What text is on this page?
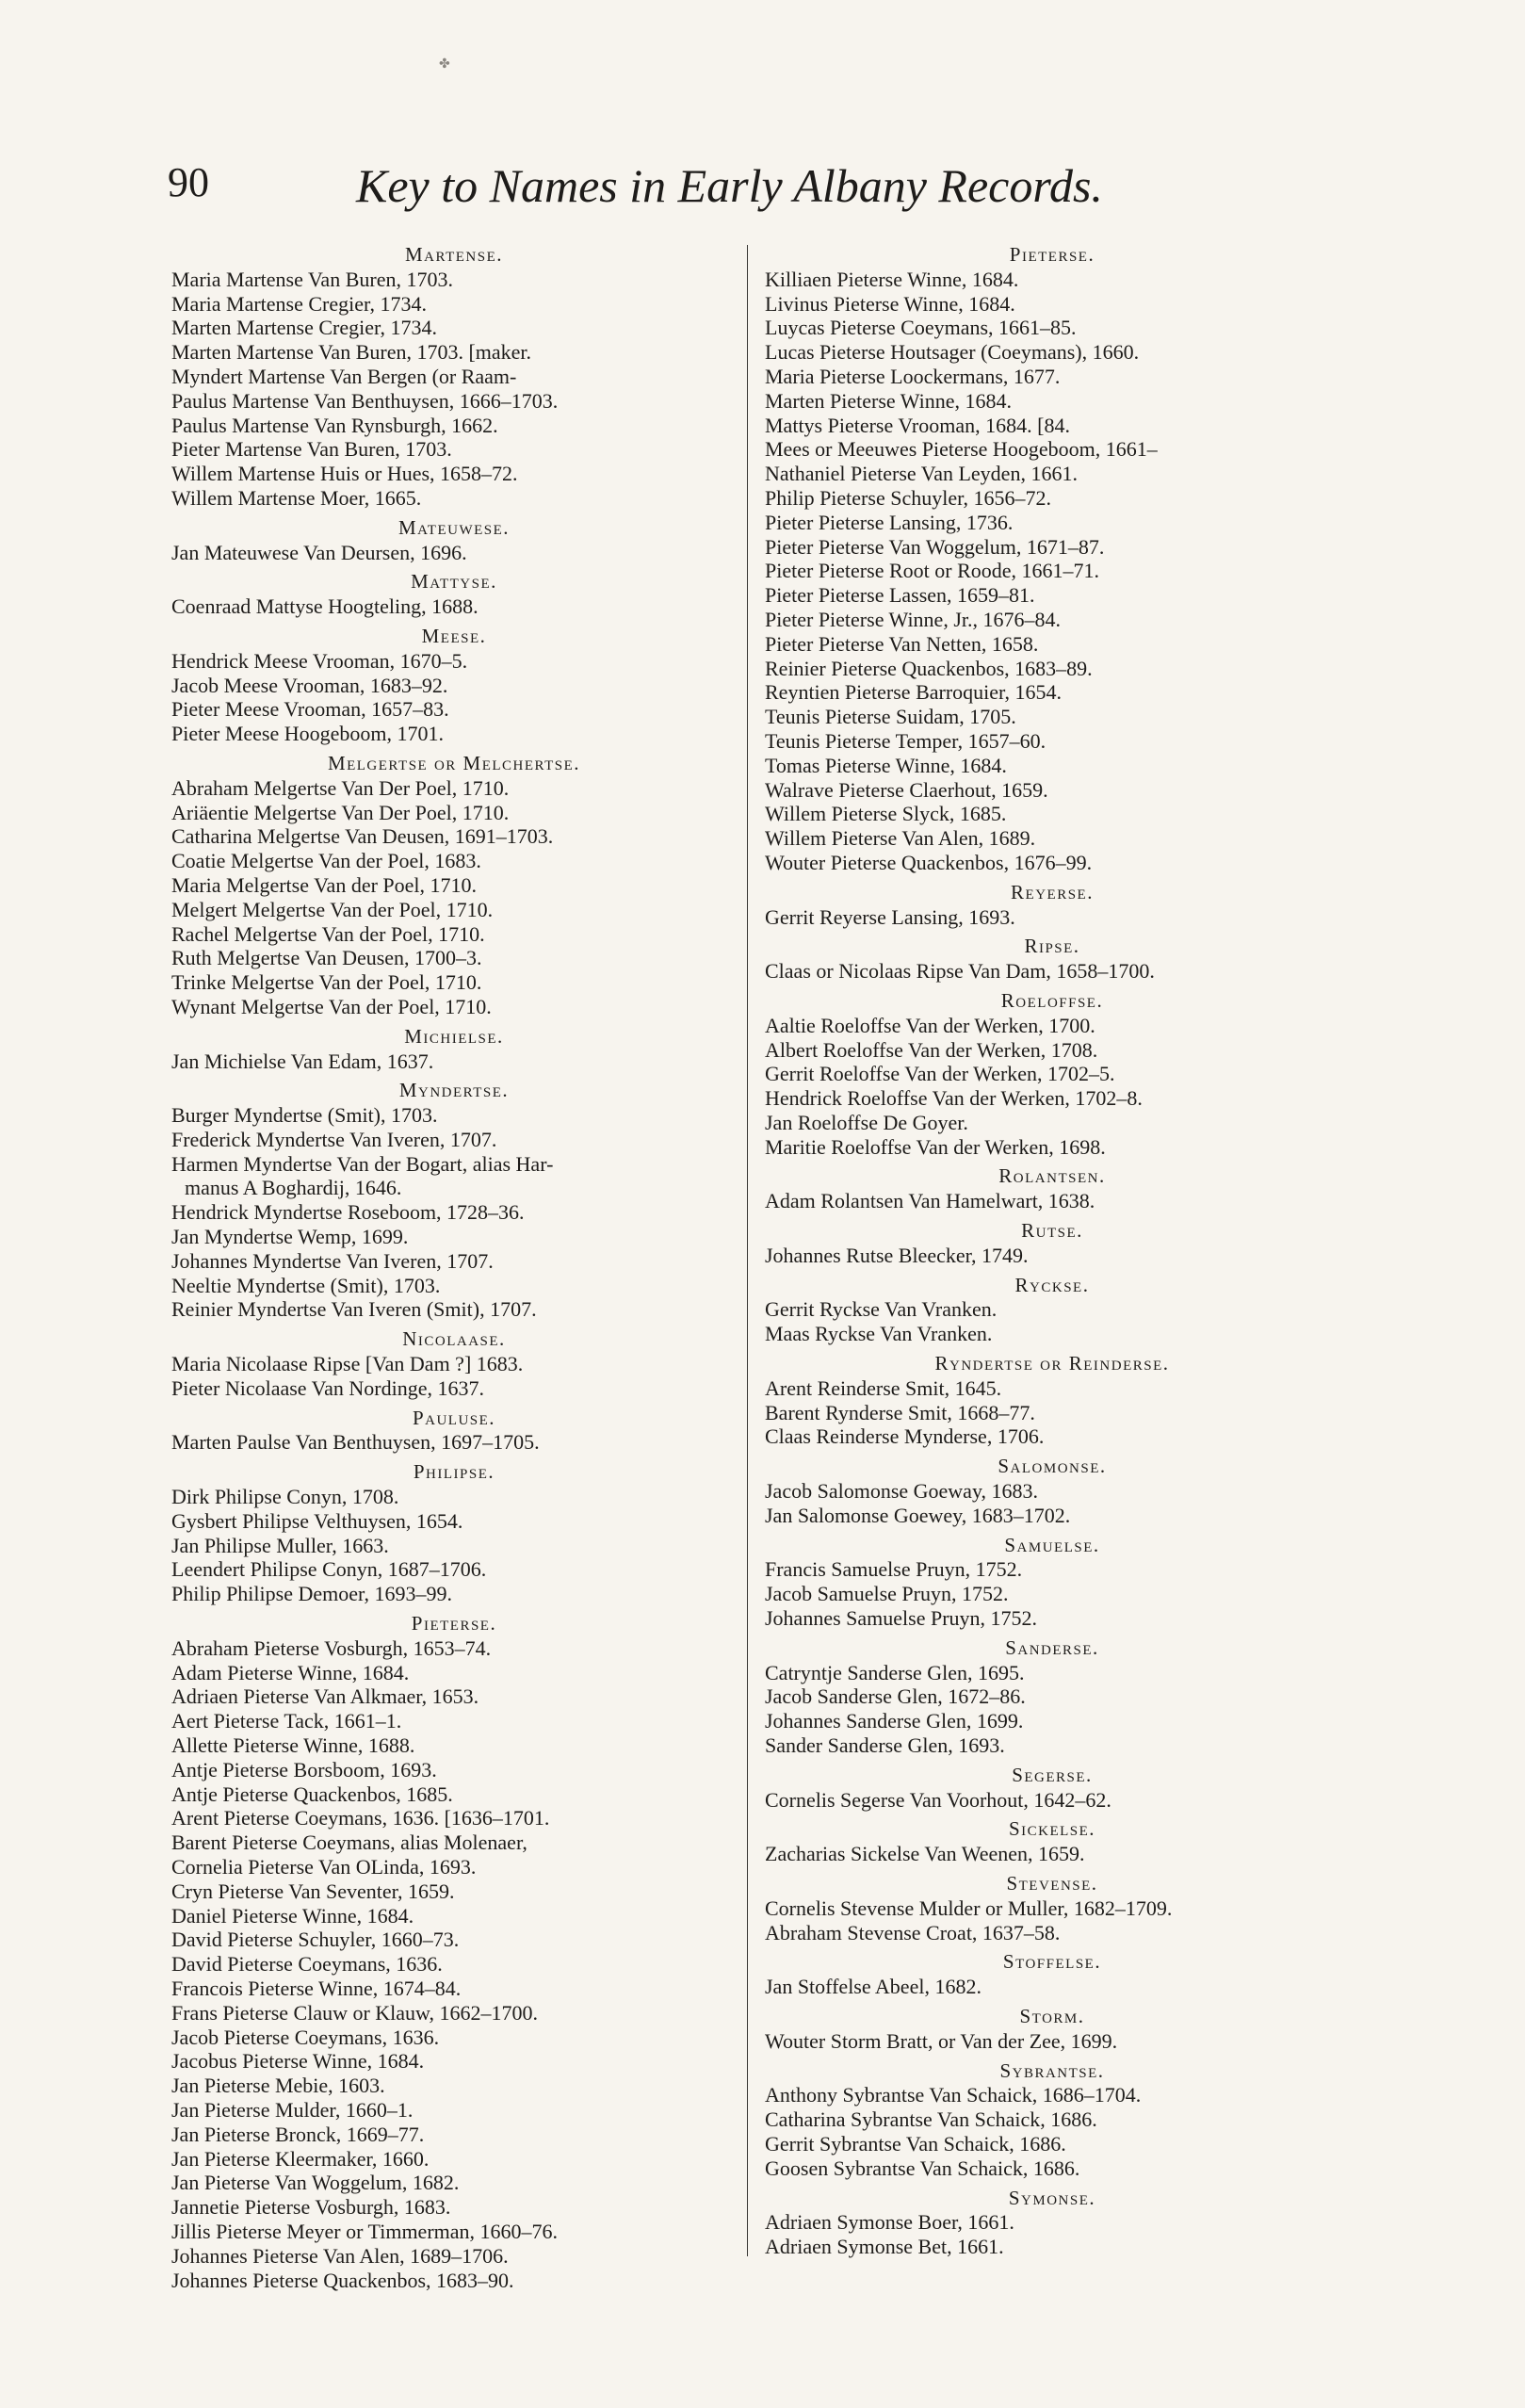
✤
90	Key to Names in Early Albany Records.
Martense.
Maria Martense Van Buren, 1703.
Maria Martense Cregier, 1734.
Marten Martense Cregier, 1734.
Marten Martense Van Buren, 1703. [maker.
Myndert Martense Van Bergen (or Raam-
Paulus Martense Van Benthuysen, 1666–1703.
Paulus Martense Van Rynsburgh, 1662.
Pieter Martense Van Buren, 1703.
Willem Martense Huis or Hues, 1658–72.
Willem Martense Moer, 1665.
Mateuwese.
Jan Mateuwese Van Deursen, 1696.
Mattyse.
Coenraad Mattyse Hoogteling, 1688.
Meese.
Hendrick Meese Vrooman, 1670–5.
Jacob Meese Vrooman, 1683–92.
Pieter Meese Vrooman, 1657–83.
Pieter Meese Hoogeboom, 1701.
Melgertse or Melchertse.
Abraham Melgertse Van Der Poel, 1710.
Ariäentie Melgertse Van Der Poel, 1710.
Catharina Melgertse Van Deusen, 1691–1703.
Coatie Melgertse Van der Poel, 1683.
Maria Melgertse Van der Poel, 1710.
Melgert Melgertse Van der Poel, 1710.
Rachel Melgertse Van der Poel, 1710.
Ruth Melgertse Van Deusen, 1700–3.
Trinke Melgertse Van der Poel, 1710.
Wynant Melgertse Van der Poel, 1710.
Michielse.
Jan Michielse Van Edam, 1637.
Myndertse.
Burger Myndertse (Smit), 1703.
Frederick Myndertse Van Iveren, 1707.
Harmen Myndertse Van der Bogart, alias Har-
manus A Boghardij, 1646.
Hendrick Myndertse Roseboom, 1728–36.
Jan Myndertse Wemp, 1699.
Johannes Myndertse Van Iveren, 1707.
Neeltie Myndertse (Smit), 1703.
Reinier Myndertse Van Iveren (Smit), 1707.
Nicolaase.
Maria Nicolaase Ripse [Van Dam ?] 1683.
Pieter Nicolaase Van Nordinge, 1637.
Pauluse.
Marten Paulse Van Benthuysen, 1697–1705.
Philipse.
Dirk Philipse Conyn, 1708.
Gysbert Philipse Velthuysen, 1654.
Jan Philipse Muller, 1663.
Leendert Philipse Conyn, 1687–1706.
Philip Philipse Demoer, 1693–99.
Pieterse.
Abraham Pieterse Vosburgh, 1653–74.
Adam Pieterse Winne, 1684.
Adriaen Pieterse Van Alkmaer, 1653.
Aert Pieterse Tack, 1661–1.
Allette Pieterse Winne, 1688.
Antje Pieterse Borsboom, 1693.
Antje Pieterse Quackenbos, 1685.
Arent Pieterse Coeymans, 1636. [1636–1701.
Barent Pieterse Coeymans, alias Molenaer,
Cornelia Pieterse Van OLinda, 1693.
Cryn Pieterse Van Seventer, 1659.
Daniel Pieterse Winne, 1684.
David Pieterse Schuyler, 1660–73.
David Pieterse Coeymans, 1636.
Francois Pieterse Winne, 1674–84.
Frans Pieterse Clauw or Klauw, 1662–1700.
Jacob Pieterse Coeymans, 1636.
Jacobus Pieterse Winne, 1684.
Jan Pieterse Mebie, 1603.
Jan Pieterse Mulder, 1660–1.
Jan Pieterse Bronck, 1669–77.
Jan Pieterse Kleermaker, 1660.
Jan Pieterse Van Woggelum, 1682.
Jannetie Pieterse Vosburgh, 1683.
Jillis Pieterse Meyer or Timmerman, 1660–76.
Johannes Pieterse Van Alen, 1689–1706.
Johannes Pieterse Quackenbos, 1683–90.
Pieterse.
Killiaen Pieterse Winne, 1684.
Livinus Pieterse Winne, 1684.
Luycas Pieterse Coeymans, 1661–85.
Lucas Pieterse Houtsager (Coeymans), 1660.
Maria Pieterse Loockermans, 1677.
Marten Pieterse Winne, 1684.
Mattys Pieterse Vrooman, 1684. [84.
Mees or Meeuwes Pieterse Hoogeboom, 1661–
Nathaniel Pieterse Van Leyden, 1661.
Philip Pieterse Schuyler, 1656–72.
Pieter Pieterse Lansing, 1736.
Pieter Pieterse Van Woggelum, 1671–87.
Pieter Pieterse Root or Roode, 1661–71.
Pieter Pieterse Lassen, 1659–81.
Pieter Pieterse Winne, Jr., 1676–84.
Pieter Pieterse Van Netten, 1658.
Reinier Pieterse Quackenbos, 1683–89.
Reyntien Pieterse Barroquier, 1654.
Teunis Pieterse Suidam, 1705.
Teunis Pieterse Temper, 1657–60.
Tomas Pieterse Winne, 1684.
Walrave Pieterse Claerhout, 1659.
Willem Pieterse Slyck, 1685.
Willem Pieterse Van Alen, 1689.
Wouter Pieterse Quackenbos, 1676–99.
Reyerse.
Gerrit Reyerse Lansing, 1693.
Ripse.
Claas or Nicolaas Ripse Van Dam, 1658–1700.
Roeloffse.
Aaltie Roeloffse Van der Werken, 1700.
Albert Roeloffse Van der Werken, 1708.
Gerrit Roeloffse Van der Werken, 1702–5.
Hendrick Roeloffse Van der Werken, 1702–8.
Jan Roeloffse De Goyer.
Maritie Roeloffse Van der Werken, 1698.
Rolantsen.
Adam Rolantsen Van Hamelwart, 1638.
Rutse.
Johannes Rutse Bleecker, 1749.
Ryckse.
Gerrit Ryckse Van Vranken.
Maas Ryckse Van Vranken.
Ryndertse or Reinderse.
Arent Reinderse Smit, 1645.
Barent Rynderse Smit, 1668–77.
Claas Reinderse Mynderse, 1706.
Salomonse.
Jacob Salomonse Goeway, 1683.
Jan Salomonse Goewey, 1683–1702.
Samuelse.
Francis Samuelse Pruyn, 1752.
Jacob Samuelse Pruyn, 1752.
Johannes Samuelse Pruyn, 1752.
Sanderse.
Catryntje Sanderse Glen, 1695.
Jacob Sanderse Glen, 1672–86.
Johannes Sanderse Glen, 1699.
Sander Sanderse Glen, 1693.
Segerse.
Cornelis Segerse Van Voorhout, 1642–62.
Sickelse.
Zacharias Sickelse Van Weenen, 1659.
Stevense.
Cornelis Stevense Mulder or Muller, 1682–1709.
Abraham Stevense Croat, 1637–58.
Stoffelse.
Jan Stoffelse Abeel, 1682.
Storm.
Wouter Storm Bratt, or Van der Zee, 1699.
Sybrantse.
Anthony Sybrantse Van Schaick, 1686–1704.
Catharina Sybrantse Van Schaick, 1686.
Gerrit Sybrantse Van Schaick, 1686.
Goosen Sybrantse Van Schaick, 1686.
Symonse.
Adriaen Symonse Boer, 1661.
Adriaen Symonse Bet, 1661.
